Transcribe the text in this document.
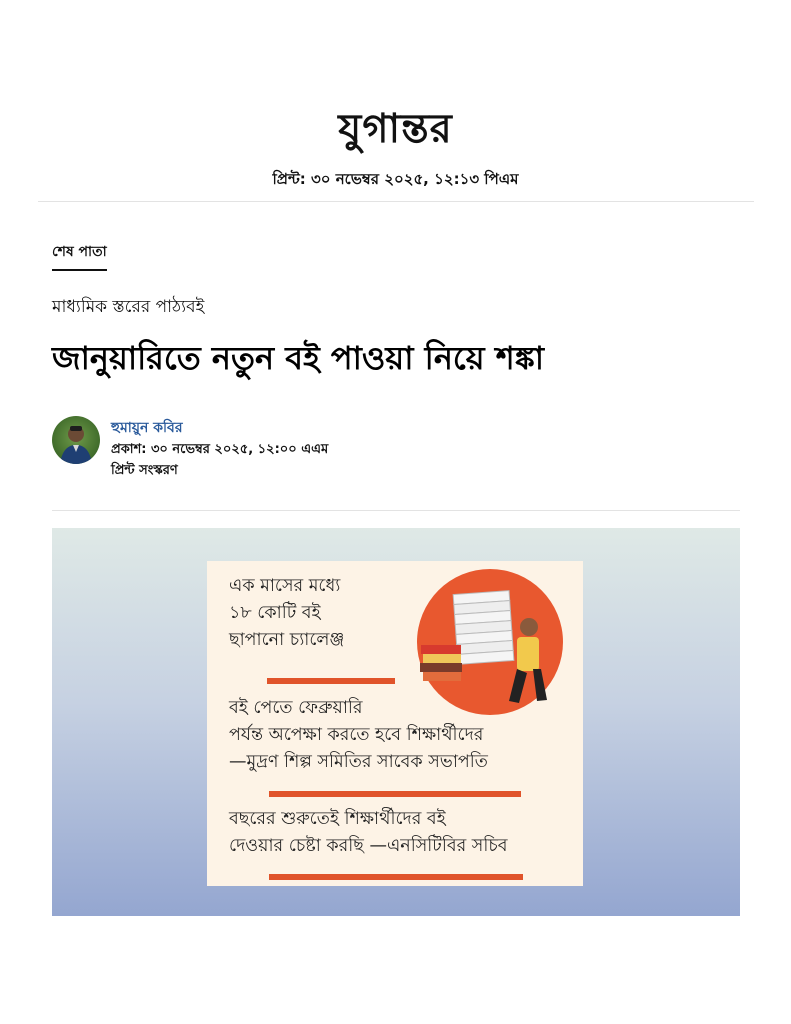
যুগান্তর
প্রিন্ট: ৩০ নভেম্বর ২০২৫, ১২:১৩ পিএম
শেষ পাতা
মাধ্যমিক স্তরের পাঠ্যবই
জানুয়ারিতে নতুন বই পাওয়া নিয়ে শঙ্কা
হুমায়ুন কবির
প্রকাশ: ৩০ নভেম্বর ২০২৫, ১২:০০ এএম
প্রিন্ট সংস্করণ
এক মাসের মধ্যে
১৮ কোটি বই
ছাপানো চ্যালেঞ্জ
বই পেতে ফেব্রুয়ারি
পর্যন্ত অপেক্ষা করতে হবে শিক্ষার্থীদের
—মুদ্রণ শিল্প সমিতির সাবেক সভাপতি
বছরের শুরুতেই শিক্ষার্থীদের বই
দেওয়ার চেষ্টা করছি —এনসিটিবির সচিব
